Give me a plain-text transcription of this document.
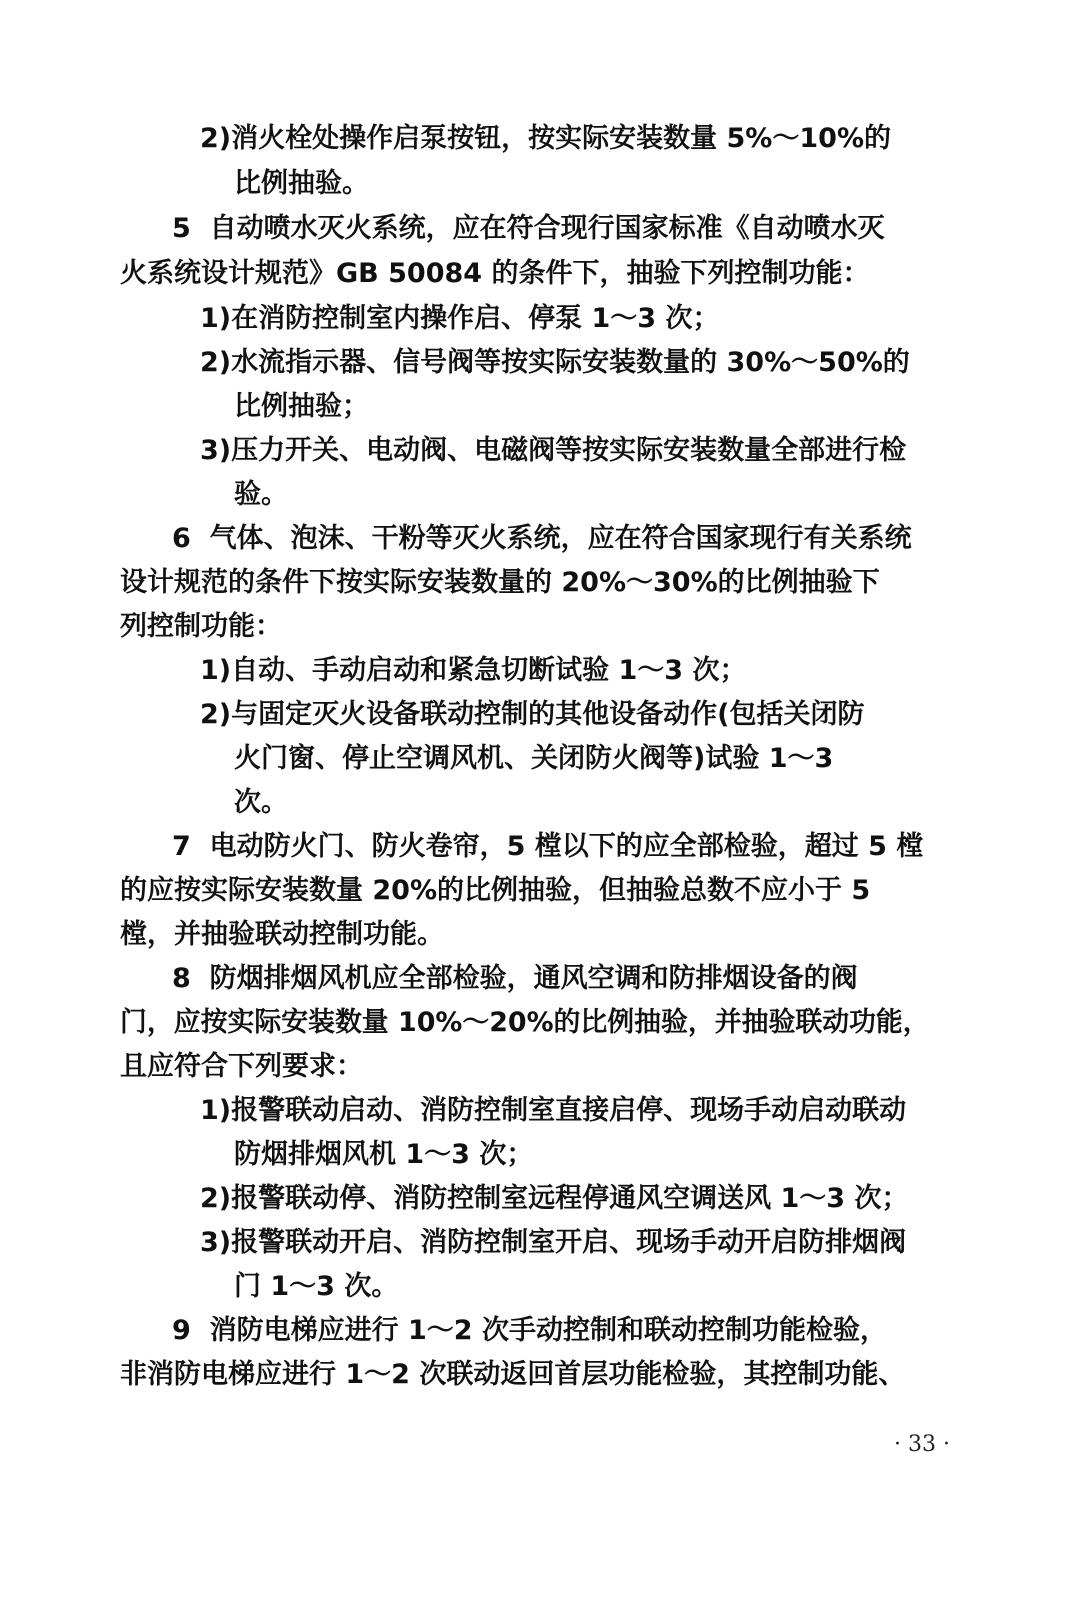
2)消火栓处操作启泵按钮，按实际安装数量 5%～10%的
比例抽验。
5  自动喷水灭火系统，应在符合现行国家标准《自动喷水灭
火系统设计规范》GB 50084 的条件下，抽验下列控制功能：
1)在消防控制室内操作启、停泵 1～3 次；
2)水流指示器、信号阀等按实际安装数量的 30%～50%的
比例抽验；
3)压力开关、电动阀、电磁阀等按实际安装数量全部进行检
验。
6  气体、泡沫、干粉等灭火系统，应在符合国家现行有关系统
设计规范的条件下按实际安装数量的 20%～30%的比例抽验下
列控制功能：
1)自动、手动启动和紧急切断试验 1～3 次；
2)与固定灭火设备联动控制的其他设备动作(包括关闭防
火门窗、停止空调风机、关闭防火阀等)试验 1～3
次。
7  电动防火门、防火卷帘，5 樘以下的应全部检验，超过 5 樘
的应按实际安装数量 20%的比例抽验，但抽验总数不应小于 5
樘，并抽验联动控制功能。
8  防烟排烟风机应全部检验，通风空调和防排烟设备的阀
门，应按实际安装数量 10%～20%的比例抽验，并抽验联动功能，
且应符合下列要求：
1)报警联动启动、消防控制室直接启停、现场手动启动联动
防烟排烟风机 1～3 次；
2)报警联动停、消防控制室远程停通风空调送风 1～3 次；
3)报警联动开启、消防控制室开启、现场手动开启防排烟阀
门 1～3 次。
9  消防电梯应进行 1～2 次手动控制和联动控制功能检验，
非消防电梯应进行 1～2 次联动返回首层功能检验，其控制功能、
· 33 ·
